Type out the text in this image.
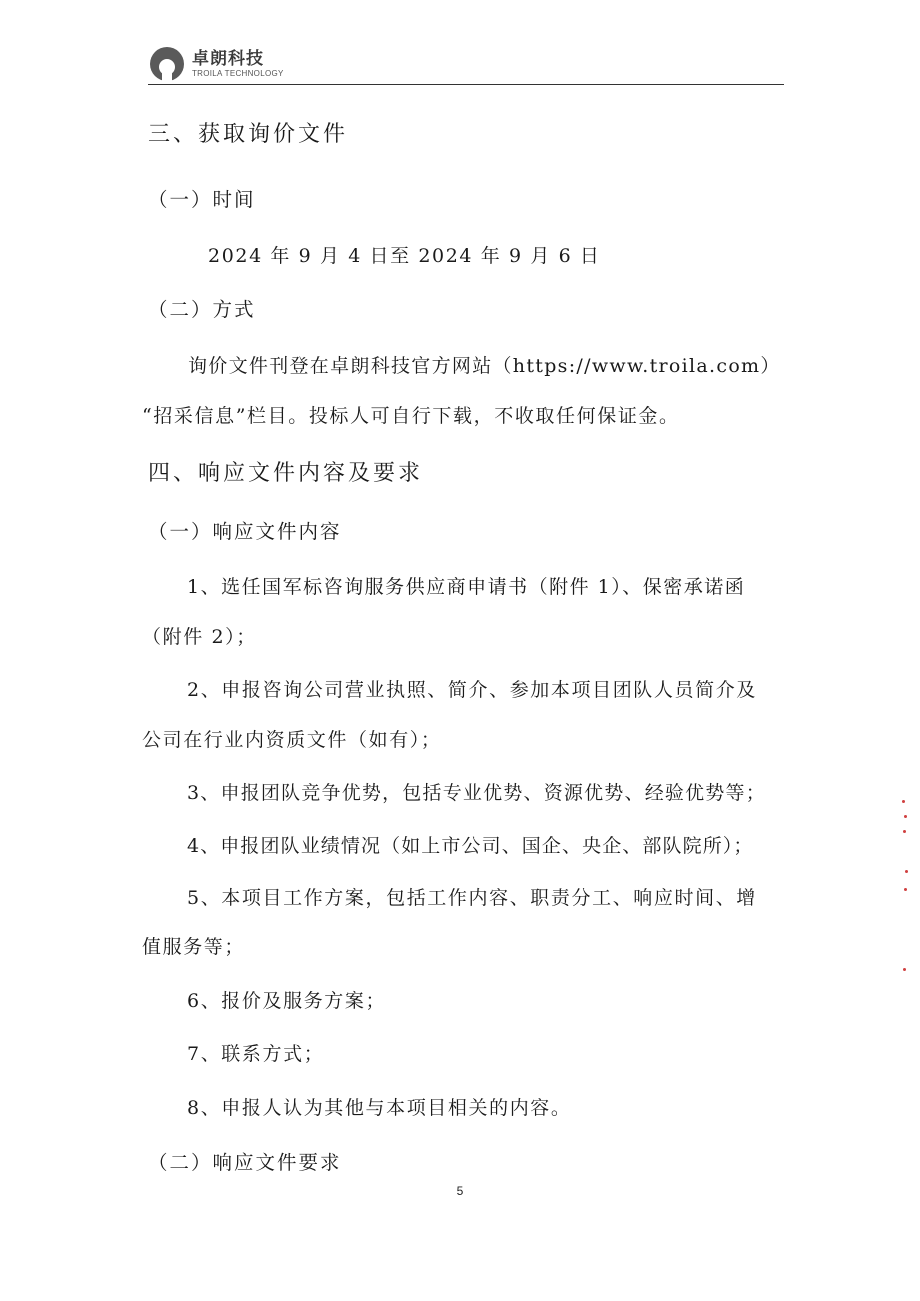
卓朗科技
TROILA TECHNOLOGY
三、获取询价文件
（一）时间
2024 年 9 月 4 日至 2024 年 9 月 6 日
（二）方式
询价文件刊登在卓朗科技官方网站（https://www.troila.com）
“招采信息”栏目。投标人可自行下载，不收取任何保证金。
四、响应文件内容及要求
（一）响应文件内容
1、选任国军标咨询服务供应商申请书（附件 1）、保密承诺函
（附件 2）；
2、申报咨询公司营业执照、简介、参加本项目团队人员简介及
公司在行业内资质文件（如有）；
3、申报团队竞争优势，包括专业优势、资源优势、经验优势等；
4、申报团队业绩情况（如上市公司、国企、央企、部队院所）；
5、本项目工作方案，包括工作内容、职责分工、响应时间、增
值服务等；
6、报价及服务方案；
7、联系方式；
8、申报人认为其他与本项目相关的内容。
（二）响应文件要求
5
